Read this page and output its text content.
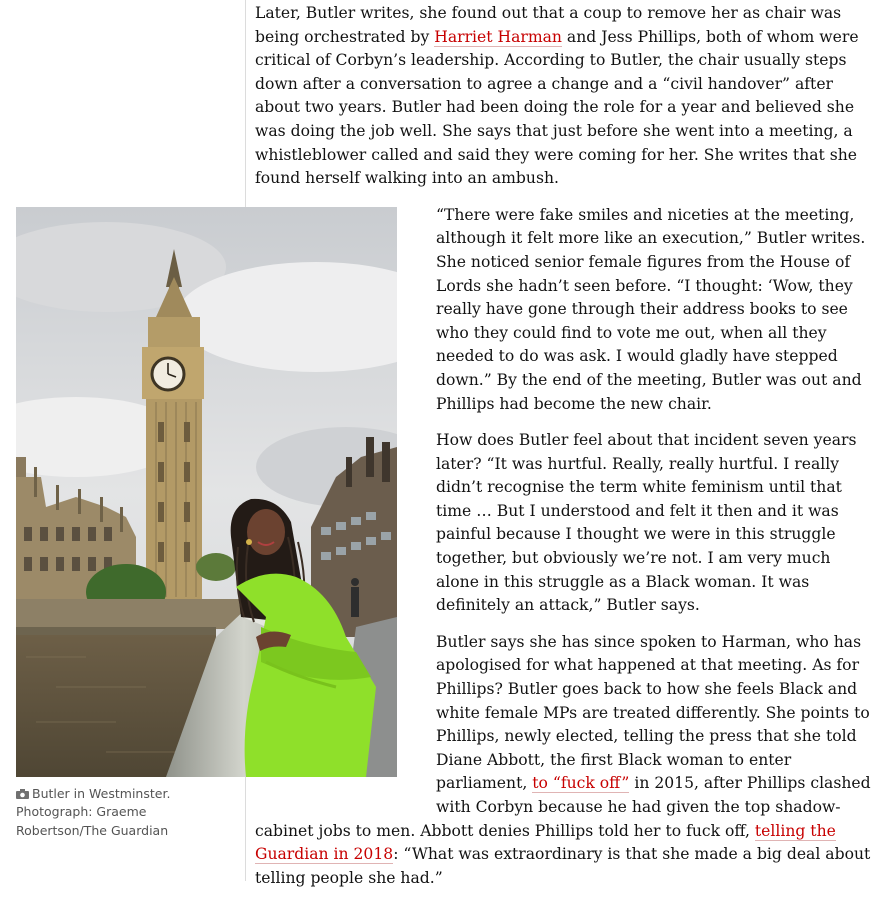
Later, Butler writes, she found out that a coup to remove her as chair was being orchestrated by Harriet Harman and Jess Phillips, both of whom were critical of Corbyn’s leadership. According to Butler, the chair usually steps down after a conversation to agree a change and a “civil handover” after about two years. Butler had been doing the role for a year and believed she was doing the job well. She says that just before she went into a meeting, a whistleblower called and said they were coming for her. She writes that she found herself walking into an ambush.

Butler in Westminster. Photograph: Graeme Robertson/The Guardian

“There were fake smiles and niceties at the meeting, although it felt more like an execution,” Butler writes. She noticed senior female figures from the House of Lords she hadn’t seen before. “I thought: ‘Wow, they really have gone through their address books to see who they could find to vote me out, when all they needed to do was ask. I would gladly have stepped down.” By the end of the meeting, Butler was out and Phillips had become the new chair.

How does Butler feel about that incident seven years later? “It was hurtful. Really, really hurtful. I really didn’t recognise the term white feminism until that time … But I understood and felt it then and it was painful because I thought we were in this struggle together, but obviously we’re not. I am very much alone in this struggle as a Black woman. It was definitely an attack,” Butler says.

Butler says she has since spoken to Harman, who has apologised for what happened at that meeting. As for Phillips? Butler goes back to how she feels Black and white female MPs are treated differently. She points to Phillips, newly elected, telling the press that she told Diane Abbott, the first Black woman to enter parliament, to “fuck off” in 2015, after Phillips clashed with Corbyn because he had given the top shadow-cabinet jobs to men. Abbott denies Phillips told her to fuck off, telling the Guardian in 2018: “What was extraordinary is that she made a big deal about telling people she had.”
